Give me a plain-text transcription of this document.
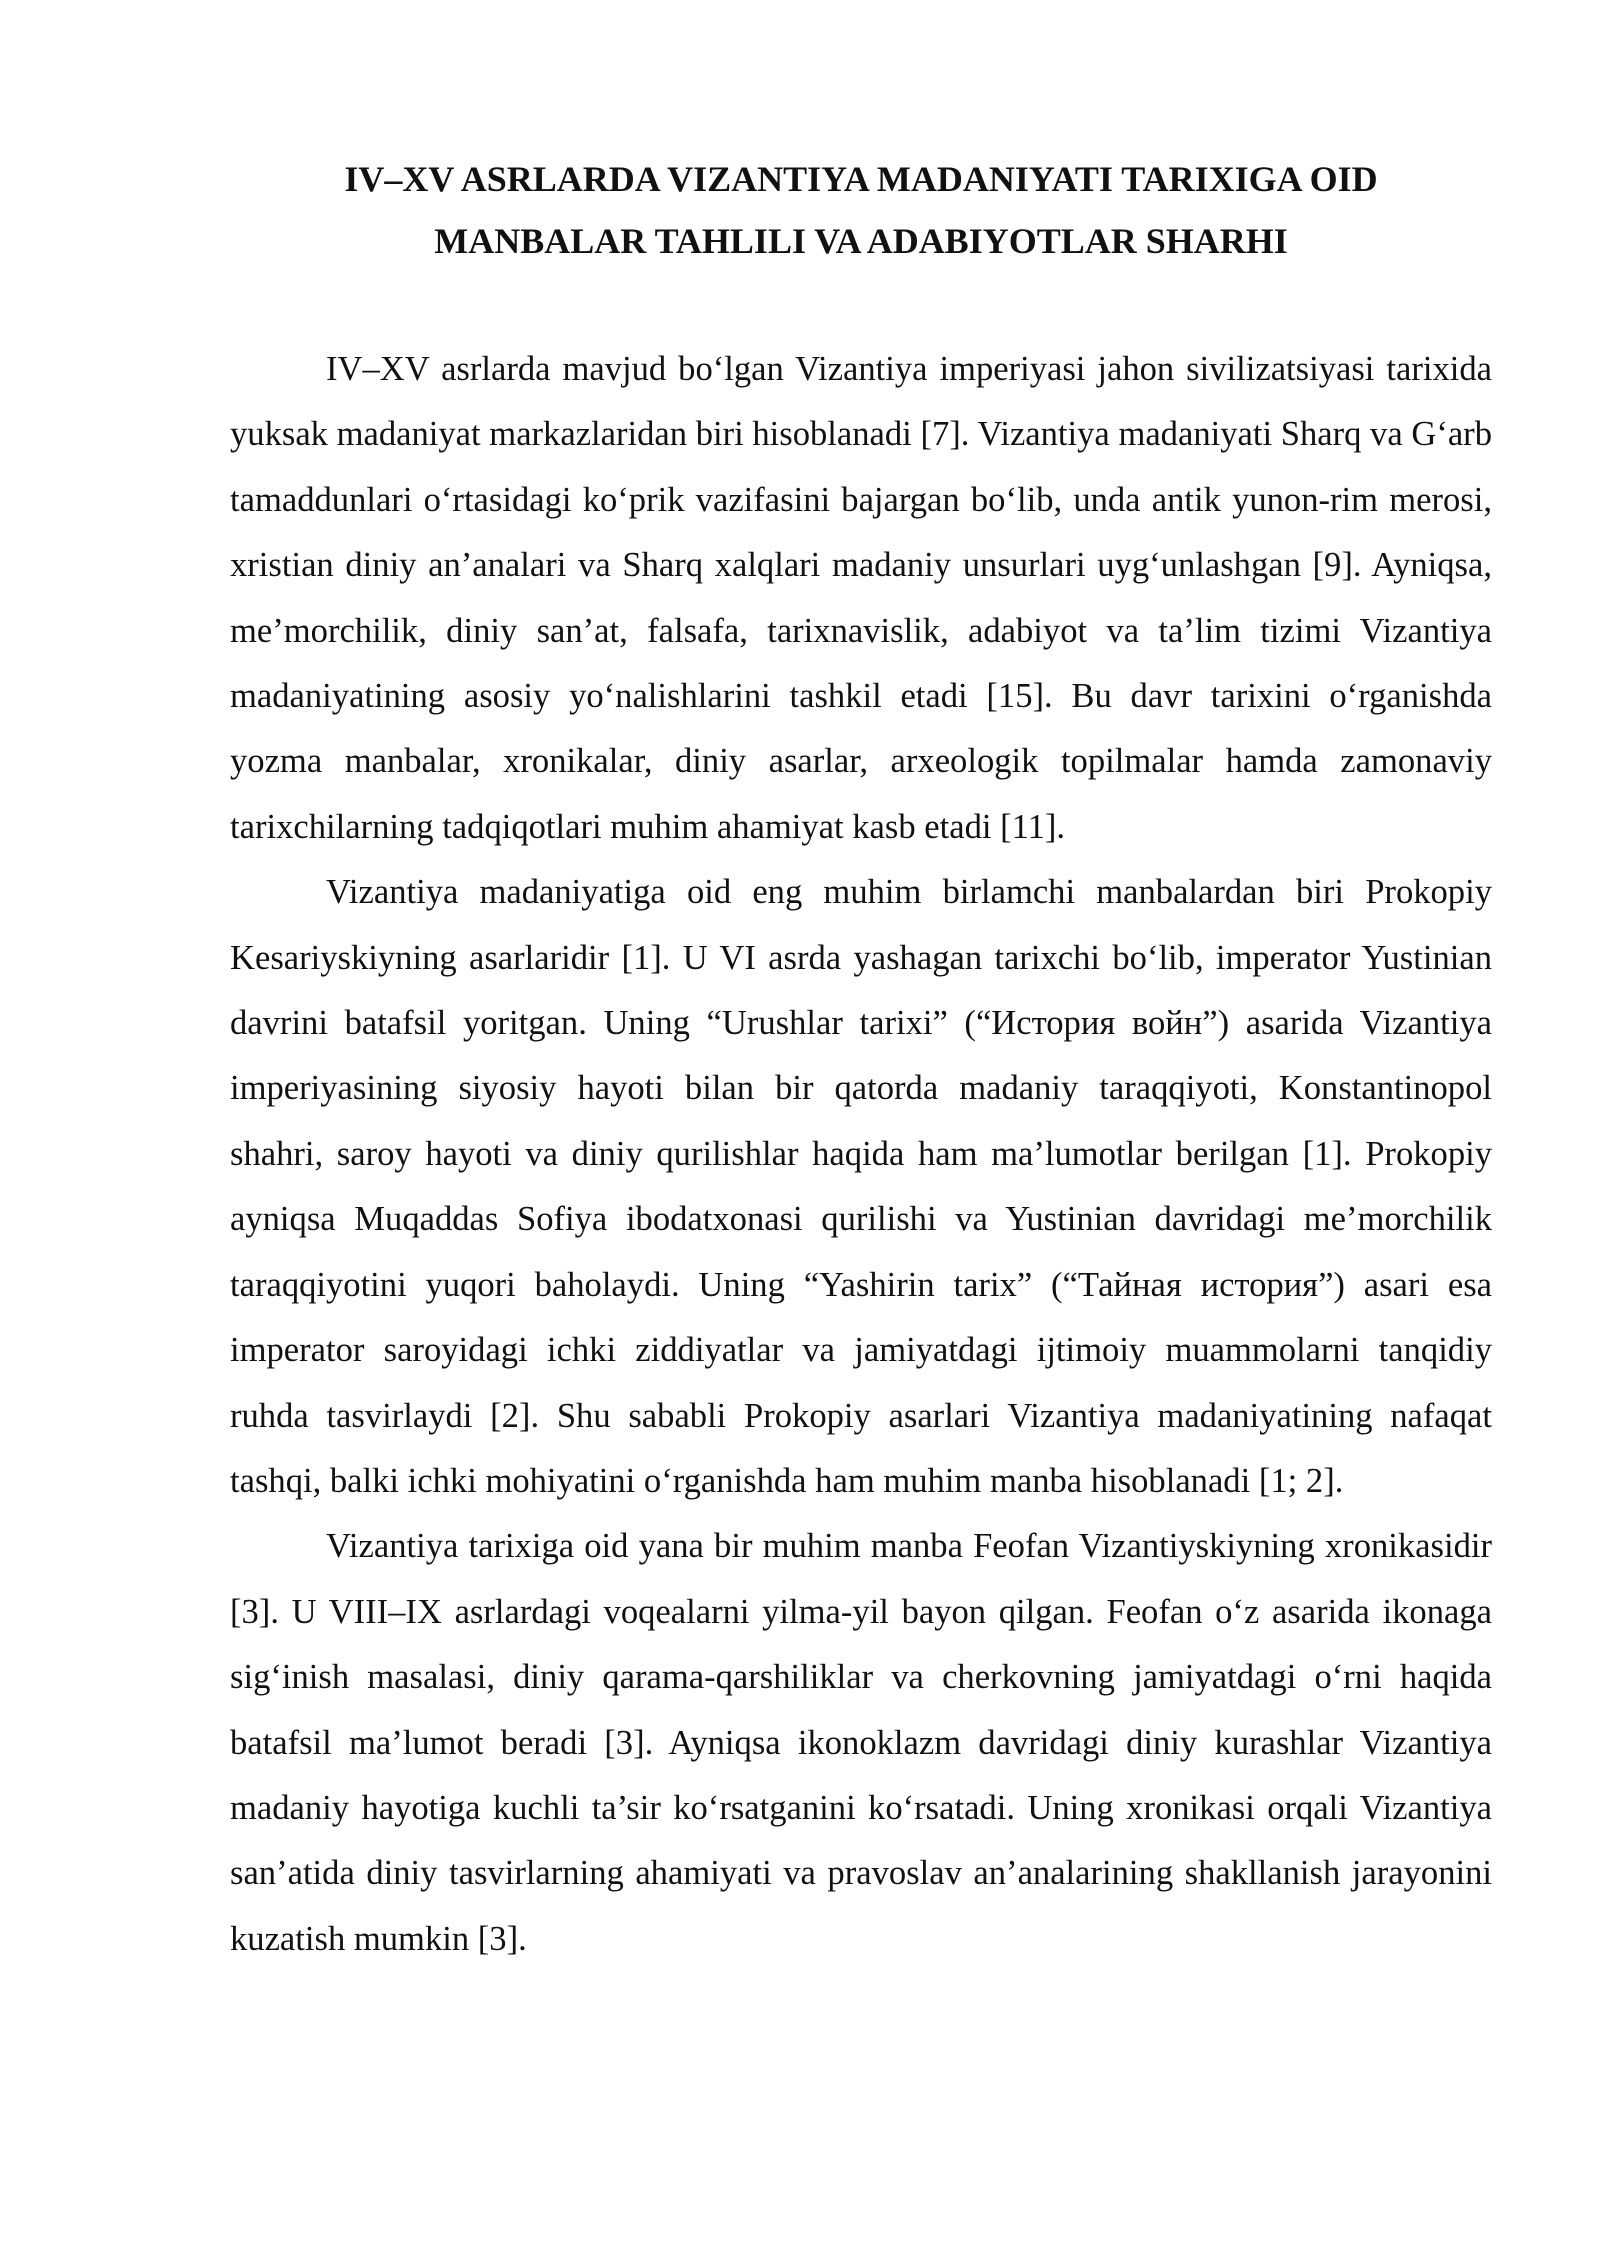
IV–XV ASRLARDA VIZANTIYA MADANIYATI TARIXIGA OID
MANBALAR TAHLILI VA ADABIYOTLAR SHARHI

IV–XV asrlarda mavjud bo‘lgan Vizantiya imperiyasi jahon sivilizatsiyasi tarixida yuksak madaniyat markazlaridan biri hisoblanadi [7]. Vizantiya madaniyati Sharq va G‘arb tamaddunlari o‘rtasidagi ko‘prik vazifasini bajargan bo‘lib, unda antik yunon-rim merosi, xristian diniy an’analari va Sharq xalqlari madaniy unsurlari uyg‘unlashgan [9]. Ayniqsa, me’morchilik, diniy san’at, falsafa, tarixnavislik, adabiyot va ta’lim tizimi Vizantiya madaniyatining asosiy yo‘nalishlarini tashkil etadi [15]. Bu davr tarixini o‘rganishda yozma manbalar, xronikalar, diniy asarlar, arxeologik topilmalar hamda zamonaviy tarixchilarning tadqiqotlari muhim ahamiyat kasb etadi [11].

Vizantiya madaniyatiga oid eng muhim birlamchi manbalardan biri Prokopiy Kesariyskiyning asarlaridir [1]. U VI asrda yashagan tarixchi bo‘lib, imperator Yustinian davrini batafsil yoritgan. Uning “Urushlar tarixi” (“История войн”) asarida Vizantiya imperiyasining siyosiy hayoti bilan bir qatorda madaniy taraqqiyoti, Konstantinopol shahri, saroy hayoti va diniy qurilishlar haqida ham ma’lumotlar berilgan [1]. Prokopiy ayniqsa Muqaddas Sofiya ibodatxonasi qurilishi va Yustinian davridagi me’morchilik taraqqiyotini yuqori baholaydi. Uning “Yashirin tarix” (“Тайная история”) asari esa imperator saroyidagi ichki ziddiyatlar va jamiyatdagi ijtimoiy muammolarni tanqidiy ruhda tasvirlaydi [2]. Shu sababli Prokopiy asarlari Vizantiya madaniyatining nafaqat tashqi, balki ichki mohiyatini o‘rganishda ham muhim manba hisoblanadi [1; 2].

Vizantiya tarixiga oid yana bir muhim manba Feofan Vizantiyskiyning xronikasidir [3]. U VIII–IX asrlardagi voqealarni yilma-yil bayon qilgan. Feofan o‘z asarida ikonaga sig‘inish masalasi, diniy qarama-qarshiliklar va cherkovning jamiyatdagi o‘rni haqida batafsil ma’lumot beradi [3]. Ayniqsa ikonoklazm davridagi diniy kurashlar Vizantiya madaniy hayotiga kuchli ta’sir ko‘rsatganini ko‘rsatadi. Uning xronikasi orqali Vizantiya san’atida diniy tasvirlarning ahamiyati va pravoslav an’analarining shakllanish jarayonini kuzatish mumkin [3].
